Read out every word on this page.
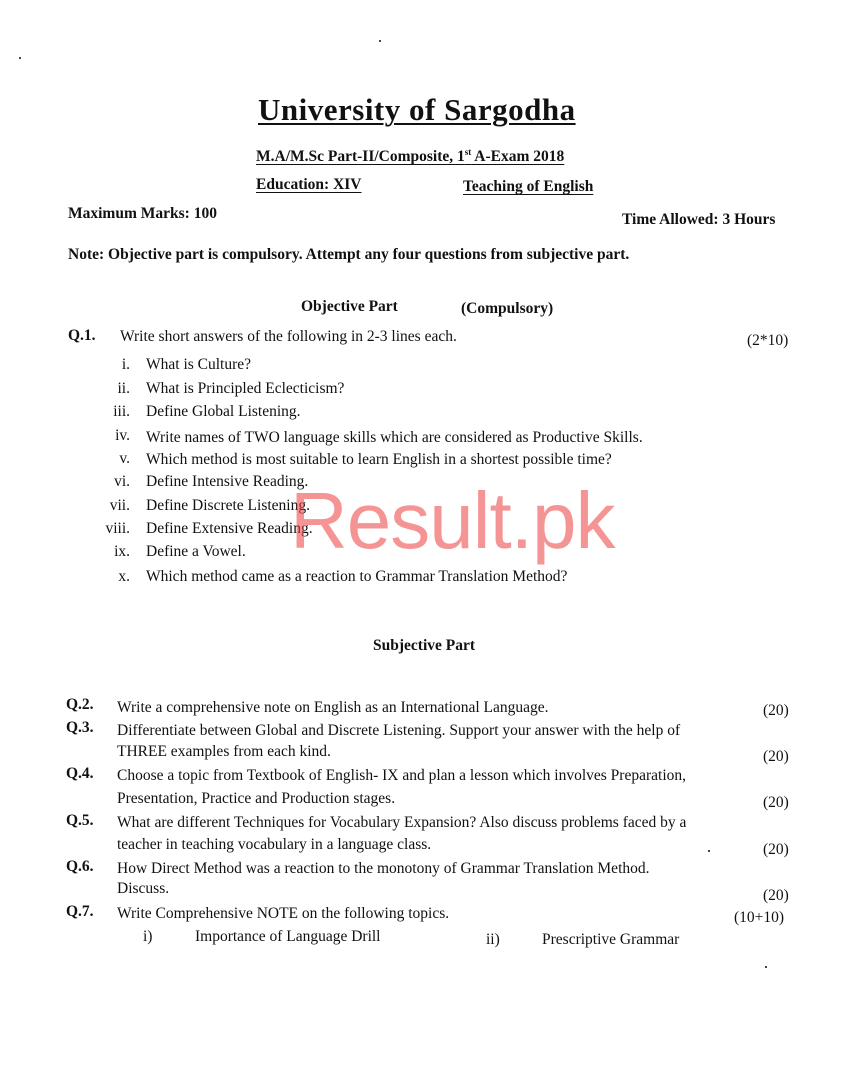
University of Sargodha
M.A/M.Sc Part-II/Composite, 1st A-Exam 2018
Education: XIV	Teaching of English
Maximum Marks: 100	Time Allowed: 3 Hours
Note: Objective part is compulsory. Attempt any four questions from subjective part.
Objective Part	(Compulsory)
Q.1. Write short answers of the following in 2-3 lines each.	(2*10)
i. What is Culture?
ii. What is Principled Eclecticism?
iii. Define Global Listening.
iv. Write names of TWO language skills which are considered as Productive Skills.
v. Which method is most suitable to learn English in a shortest possible time?
vi. Define Intensive Reading.
vii. Define Discrete Listening.
viii. Define Extensive Reading.
ix. Define a Vowel.
x. Which method came as a reaction to Grammar Translation Method?
Result.pk
Subjective Part
Q.2. Write a comprehensive note on English as an International Language.	(20)
Q.3. Differentiate between Global and Discrete Listening. Support your answer with the help of
THREE examples from each kind.	(20)
Q.4. Choose a topic from Textbook of English- IX and plan a lesson which involves Preparation,
Presentation, Practice and Production stages.	(20)
Q.5. What are different Techniques for Vocabulary Expansion? Also discuss problems faced by a
teacher in teaching vocabulary in a language class.	(20)
Q.6. How Direct Method was a reaction to the monotony of Grammar Translation Method.
Discuss.	(20)
Q.7. Write Comprehensive NOTE on the following topics.	(10+10)
i)	Importance of Language Drill	ii)	Prescriptive Grammar
